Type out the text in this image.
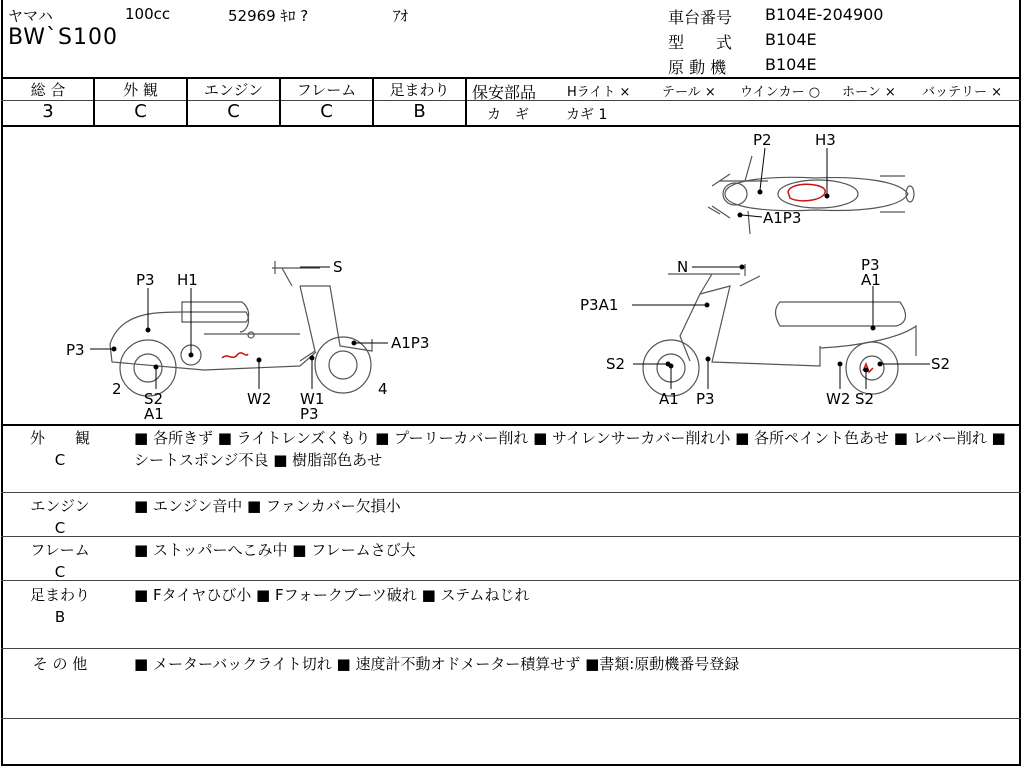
ヤマハ	100cc	52969 ｷﾛ ?	ｱｵ
BW`S100
車台番号 B104E-204900
型　　式 B104E
原 動 機 B104E
総 合	外 観	エンジン	フレーム	足まわり
3	C	C	C	B
保安部品 Hライト × テール × ウインカー ○ ホーン × バッテリー ×
カ　ギ	カギ 1
P2	H3
A1P3
P3 H1
S
P3	A1P3
2
S2
A1
W2 W1
P3
4
N	P3
A1
P3A1
S2	S2
A1 P3	W2 S2
外　　観
C
■ 各所きず ■ ライトレンズくもり ■ プーリーカバー削れ ■ サイレンサーカバー削れ小 ■ 各所ペイント色あせ ■ レバー削れ ■ シートスポンジ不良 ■ 樹脂部色あせ
エンジン
C
■ エンジン音中 ■ ファンカバー欠損小
フレーム
C
■ ストッパーへこみ中 ■ フレームさび大
足まわり
B
■ Fタイヤひび小 ■ Fフォークブーツ破れ ■ ステムねじれ
そ の 他	■ メーターバックライト切れ ■ 速度計不動オドメーター積算せず ■書類:原動機番号登録
